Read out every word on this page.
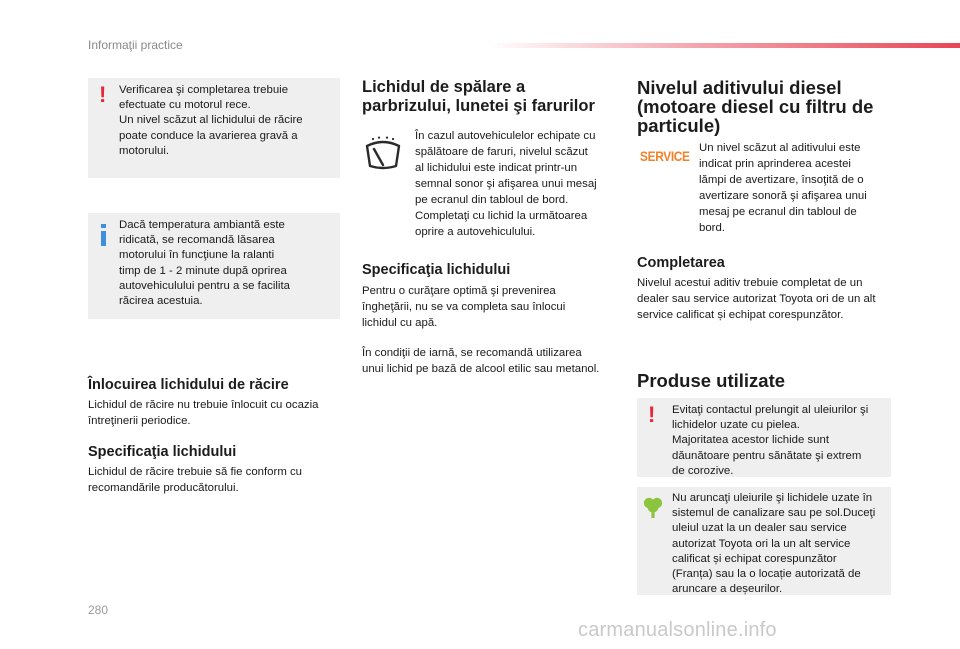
Informaţii practice
! Verificarea şi completarea trebuie
efectuate cu motorul rece.
Un nivel scăzut al lichidului de răcire
poate conduce la avarierea gravă a
motorului.
Dacă temperatura ambiantă este
ridicată, se recomandă lăsarea
motorului în funcţiune la ralanti
timp de 1 - 2 minute după oprirea
autovehiculului pentru a se facilita
răcirea acestuia.
Înlocuirea lichidului de răcire
Lichidul de răcire nu trebuie înlocuit cu ocazia
întreţinerii periodice.
Specificaţia lichidului
Lichidul de răcire trebuie să fie conform cu
recomandările producătorului.
Lichidul de spălare a
parbrizului, lunetei şi farurilor
În cazul autovehiculelor echipate cu
spălătoare de faruri, nivelul scăzut
al lichidului este indicat printr-un
semnal sonor şi afişarea unui mesaj
pe ecranul din tabloul de bord.
Completaţi cu lichid la următoarea
oprire a autovehiculului.
Specificaţia lichidului
Pentru o curăţare optimă şi prevenirea
îngheţării, nu se va completa sau înlocui
lichidul cu apă.
În condiţii de iarnă, se recomandă utilizarea
unui lichid pe bază de alcool etilic sau metanol.
Nivelul aditivului diesel
(motoare diesel cu filtru de
particule)
SERVICE Un nivel scăzut al aditivului este
indicat prin aprinderea acestei
lămpi de avertizare, însoţită de o
avertizare sonoră şi afişarea unui
mesaj pe ecranul din tabloul de
bord.
Completarea
Nivelul acestui aditiv trebuie completat de un
dealer sau service autorizat Toyota ori de un alt
service calificat și echipat corespunzător.
Produse utilizate
! Evitaţi contactul prelungit al uleiurilor şi
lichidelor uzate cu pielea.
Majoritatea acestor lichide sunt
dăunătoare pentru sănătate şi extrem
de corozive.
Nu aruncaţi uleiurile şi lichidele uzate în
sistemul de canalizare sau pe sol.Duceţi
uleiul uzat la un dealer sau service
autorizat Toyota ori la un alt service
calificat și echipat corespunzător
(Franța) sau la o locație autorizată de
aruncare a deșeurilor.
280
carmanualsonline.info
